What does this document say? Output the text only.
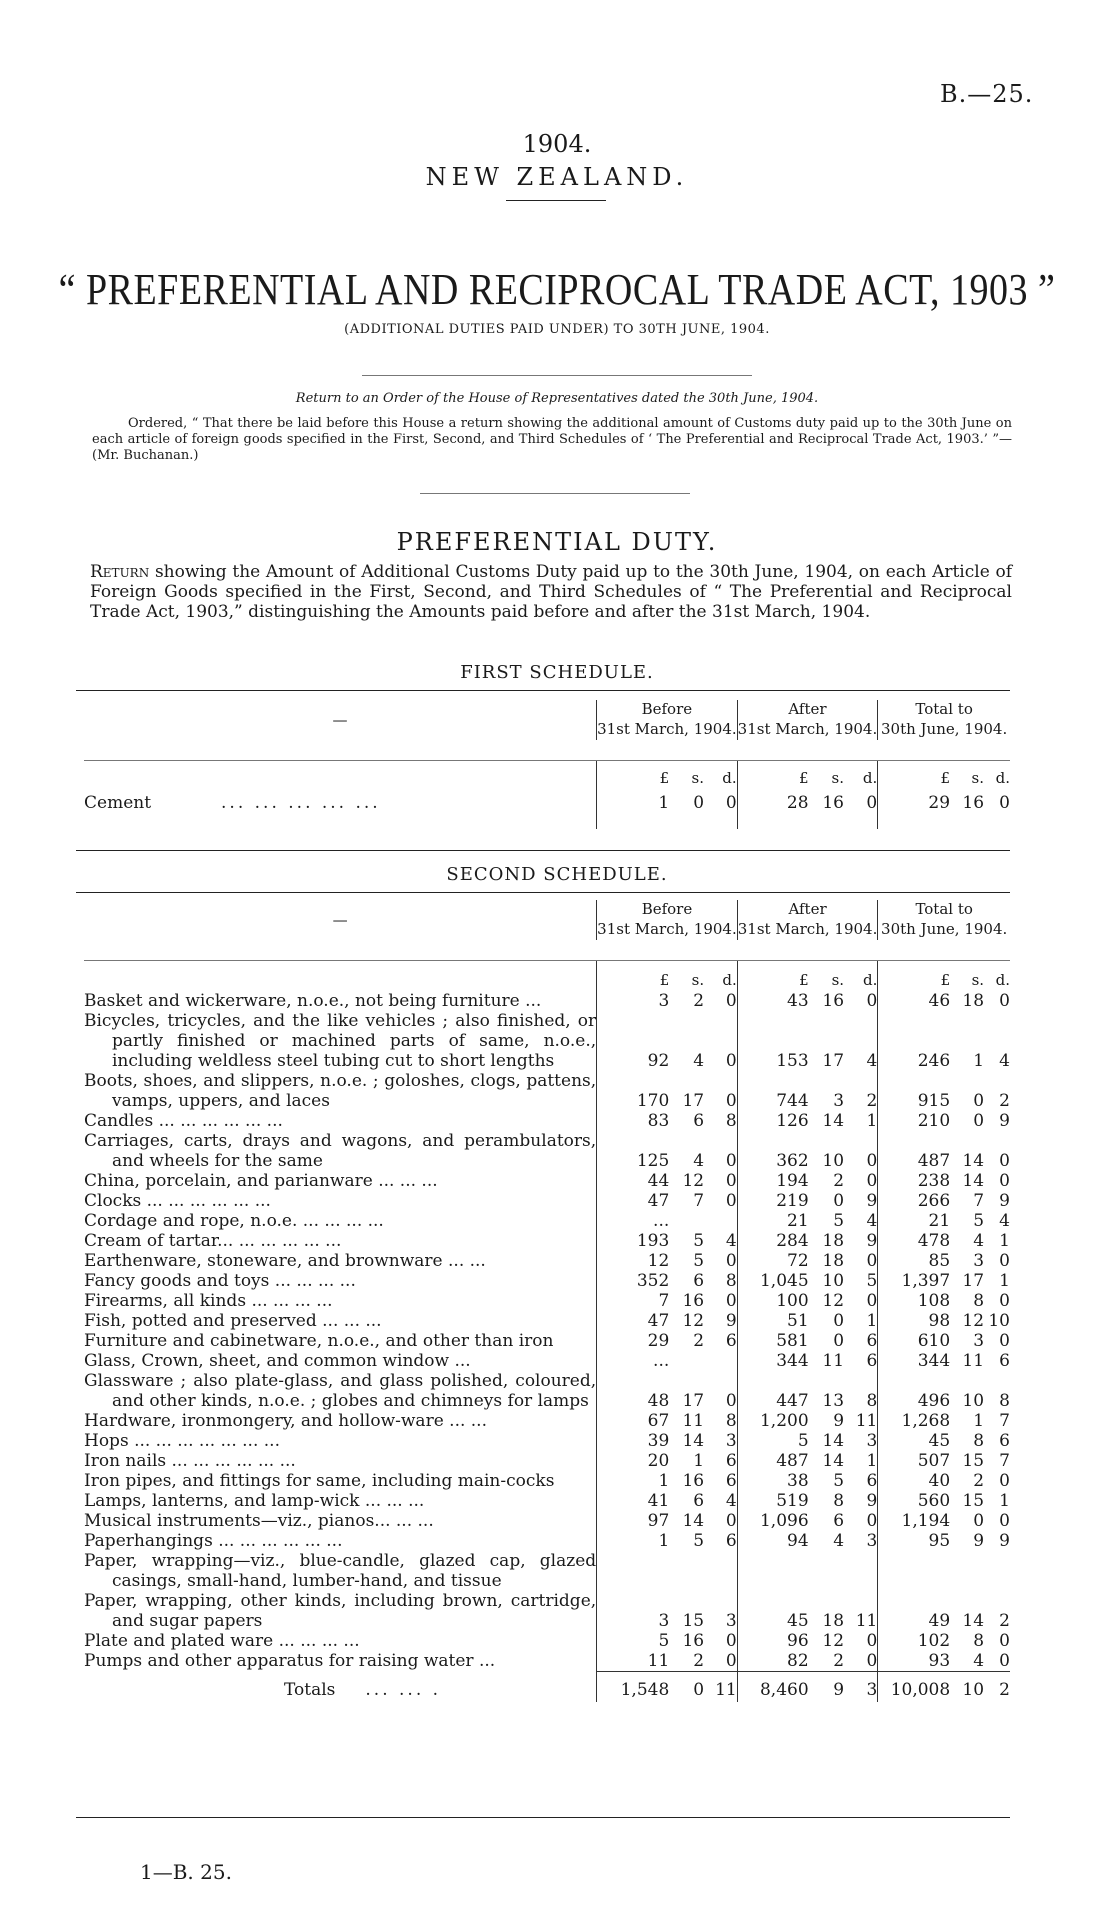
B.—25.
1904.
NEW ZEALAND.
“ PREFERENTIAL AND RECIPROCAL TRADE ACT, 1903 ”
(ADDITIONAL DUTIES PAID UNDER) TO 30TH JUNE, 1904.
Return to an Order of the House of Representatives dated the 30th June, 1904.
Ordered, “ That there be laid before this House a return showing the additional amount of Customs duty paid up to the 30th June on each article of foreign goods specified in the First, Second, and Third Schedules of ‘ The Preferential and Reciprocal Trade Act, 1903.’ ”—(Mr. Buchanan.)
PREFERENTIAL DUTY.
Return showing the Amount of Additional Customs Duty paid up to the 30th June, 1904, on each Article of Foreign Goods specified in the First, Second, and Third Schedules of “ The Preferential and Reciprocal Trade Act, 1903,” distinguishing the Amounts paid before and after the 31st March, 1904.
FIRST SCHEDULE.
—	Before			After			Total to		
	31st March, 1904.			31st March, 1904.			30th June, 1904.		

	£	s.	d.	£	s.	d.	£	s.	d.
Cement ... ... ... ... ...	1	0	0	28	16	0	29	16	0
SECOND SCHEDULE.
—	Before			After			Total to		
	31st March, 1904.			31st March, 1904.			30th June, 1904.		

	£	s.	d.	£	s.	d.	£	s.	d.

Basket and wickerware, n.o.e., not being furniture ...	3	2	0	43	16	0	46	18	0

Bicycles, tricycles, and the like vehicles ; also finished, or partly finished or machined parts of same, n.o.e., including weldless steel tubing cut to short lengths	92	4	0	153	17	4	246	1	4

Boots, shoes, and slippers, n.o.e. ; goloshes, clogs, pattens, vamps, uppers, and laces	170	17	0	744	3	2	915	0	2

Candles ... ... ... ... ... ...	83	6	8	126	14	1	210	0	9

Carriages, carts, drays and wagons, and perambulators, and wheels for the same	125	4	0	362	10	0	487	14	0

China, porcelain, and parianware ... ... ...	44	12	0	194	2	0	238	14	0

Clocks ... ... ... ... ... ...	47	7	0	219	0	9	266	7	9

Cordage and rope, n.o.e. ... ... ... ...	...			21	5	4	21	5	4

Cream of tartar... ... ... ... ... ...	193	5	4	284	18	9	478	4	1

Earthenware, stoneware, and brownware ... ...	12	5	0	72	18	0	85	3	0

Fancy goods and toys ... ... ... ...	352	6	8	1,045	10	5	1,397	17	1

Firearms, all kinds ... ... ... ...	7	16	0	100	12	0	108	8	0

Fish, potted and preserved ... ... ...	47	12	9	51	0	1	98	12	10

Furniture and cabinetware, n.o.e., and other than iron	29	2	6	581	0	6	610	3	0

Glass, Crown, sheet, and common window ...	...			344	11	6	344	11	6

Glassware ; also plate-glass, and glass polished, coloured, and other kinds, n.o.e. ; globes and chimneys for lamps	48	17	0	447	13	8	496	10	8

Hardware, ironmongery, and hollow-ware ... ...	67	11	8	1,200	9	11	1,268	1	7

Hops ... ... ... ... ... ... ...	39	14	3	5	14	3	45	8	6

Iron nails ... ... ... ... ... ...	20	1	6	487	14	1	507	15	7

Iron pipes, and fittings for same, including main-cocks	1	16	6	38	5	6	40	2	0

Lamps, lanterns, and lamp-wick ... ... ...	41	6	4	519	8	9	560	15	1

Musical instruments—viz., pianos... ... ...	97	14	0	1,096	6	0	1,194	0	0

Paperhangings ... ... ... ... ... ...	1	5	6	94	4	3	95	9	9

Paper, wrapping—viz., blue-candle, glazed cap, glazed casings, small-hand, lumber-hand, and tissue									

Paper, wrapping, other kinds, including brown, cartridge, and sugar papers	3	15	3	45	18	11	49	14	2

Plate and plated ware ... ... ... ...	5	16	0	96	12	0	102	8	0

Pumps and other apparatus for raising water ...	11	2	0	82	2	0	93	4	0
Totals ... ... .	1,548	0	11	8,460	9	3	10,008	10	2
1—B. 25.
